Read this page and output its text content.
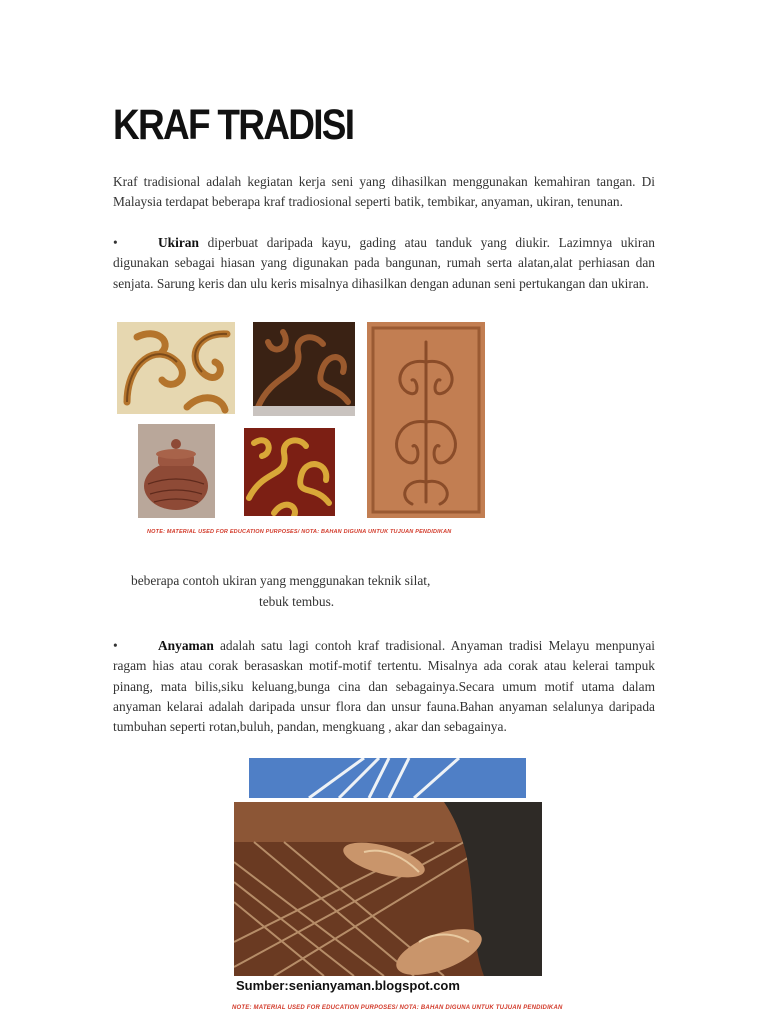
KRAF TRADISI

Kraf tradisional adalah kegiatan kerja seni yang dihasilkan menggunakan kemahiran tangan. Di Malaysia terdapat beberapa kraf tradiosional seperti batik, tembikar, anyaman, ukiran, tenunan.

•	Ukiran diperbuat daripada kayu, gading atau tanduk yang diukir. Lazimnya ukiran digunakan sebagai hiasan yang digunakan pada bangunan, rumah serta alatan,alat perhiasan dan senjata. Sarung keris dan ulu keris misalnya dihasilkan dengan adunan seni pertukangan dan ukiran.

NOTE: MATERIAL USED FOR EDUCATION PURPOSES/ NOTA: BAHAN DIGUNA UNTUK TUJUAN PENDIDIKAN

beberapa contoh ukiran yang menggunakan teknik silat,

tebuk tembus.

•	Anyaman adalah satu lagi contoh kraf tradisional. Anyaman tradisi Melayu menpunyai ragam hias atau corak berasaskan motif-motif tertentu. Misalnya ada corak atau kelerai tampuk pinang, mata bilis,siku keluang,bunga cina dan sebagainya.Secara umum motif utama dalam anyaman kelarai adalah daripada unsur flora dan unsur fauna.Bahan anyaman selalunya daripada tumbuhan seperti rotan,buluh, pandan, mengkuang , akar dan sebagainya.

Sumber:senianyaman.blogspot.com
NOTE: MATERIAL USED FOR EDUCATION PURPOSES/ NOTA: BAHAN DIGUNA UNTUK TUJUAN PENDIDIKAN
